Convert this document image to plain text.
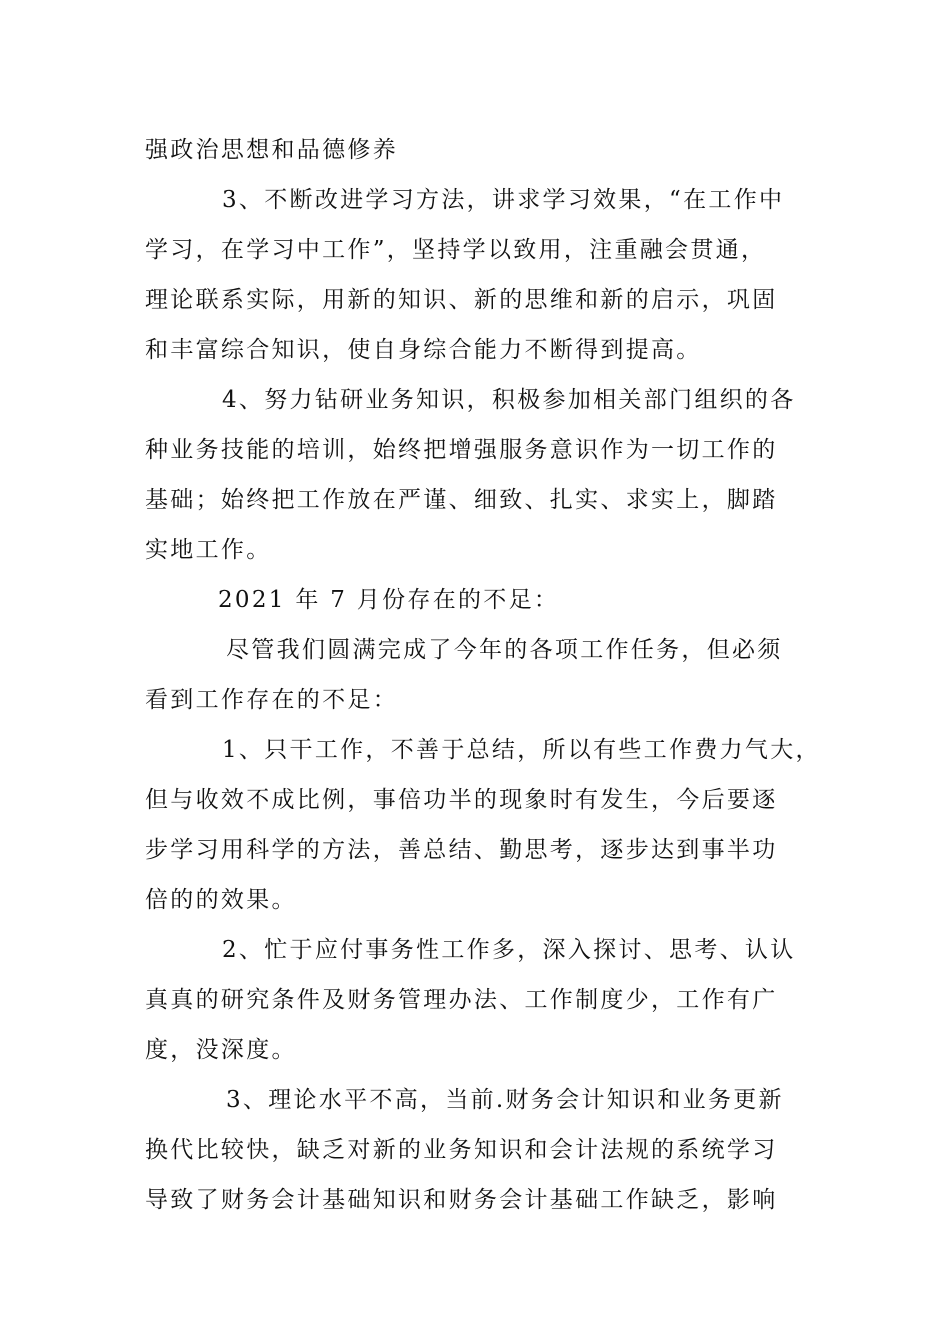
强政治思想和品德修养
3、不断改进学习方法，讲求学习效果，“在工作中
学习，在学习中工作”，坚持学以致用，注重融会贯通，
理论联系实际，用新的知识、新的思维和新的启示，巩固
和丰富综合知识，使自身综合能力不断得到提高。
4、努力钻研业务知识，积极参加相关部门组织的各
种业务技能的培训，始终把增强服务意识作为一切工作的
基础；始终把工作放在严谨、细致、扎实、求实上，脚踏
实地工作。
2021 年 7 月份存在的不足：
尽管我们圆满完成了今年的各项工作任务，但必须
看到工作存在的不足：
1、只干工作，不善于总结，所以有些工作费力气大，
但与收效不成比例，事倍功半的现象时有发生，今后要逐
步学习用科学的方法，善总结、勤思考，逐步达到事半功
倍的的效果。
2、忙于应付事务性工作多，深入探讨、思考、认认
真真的研究条件及财务管理办法、工作制度少，工作有广
度，没深度。
3、理论水平不高，当前.财务会计知识和业务更新
换代比较快，缺乏对新的业务知识和会计法规的系统学习
导致了财务会计基础知识和财务会计基础工作缺乏，影响
